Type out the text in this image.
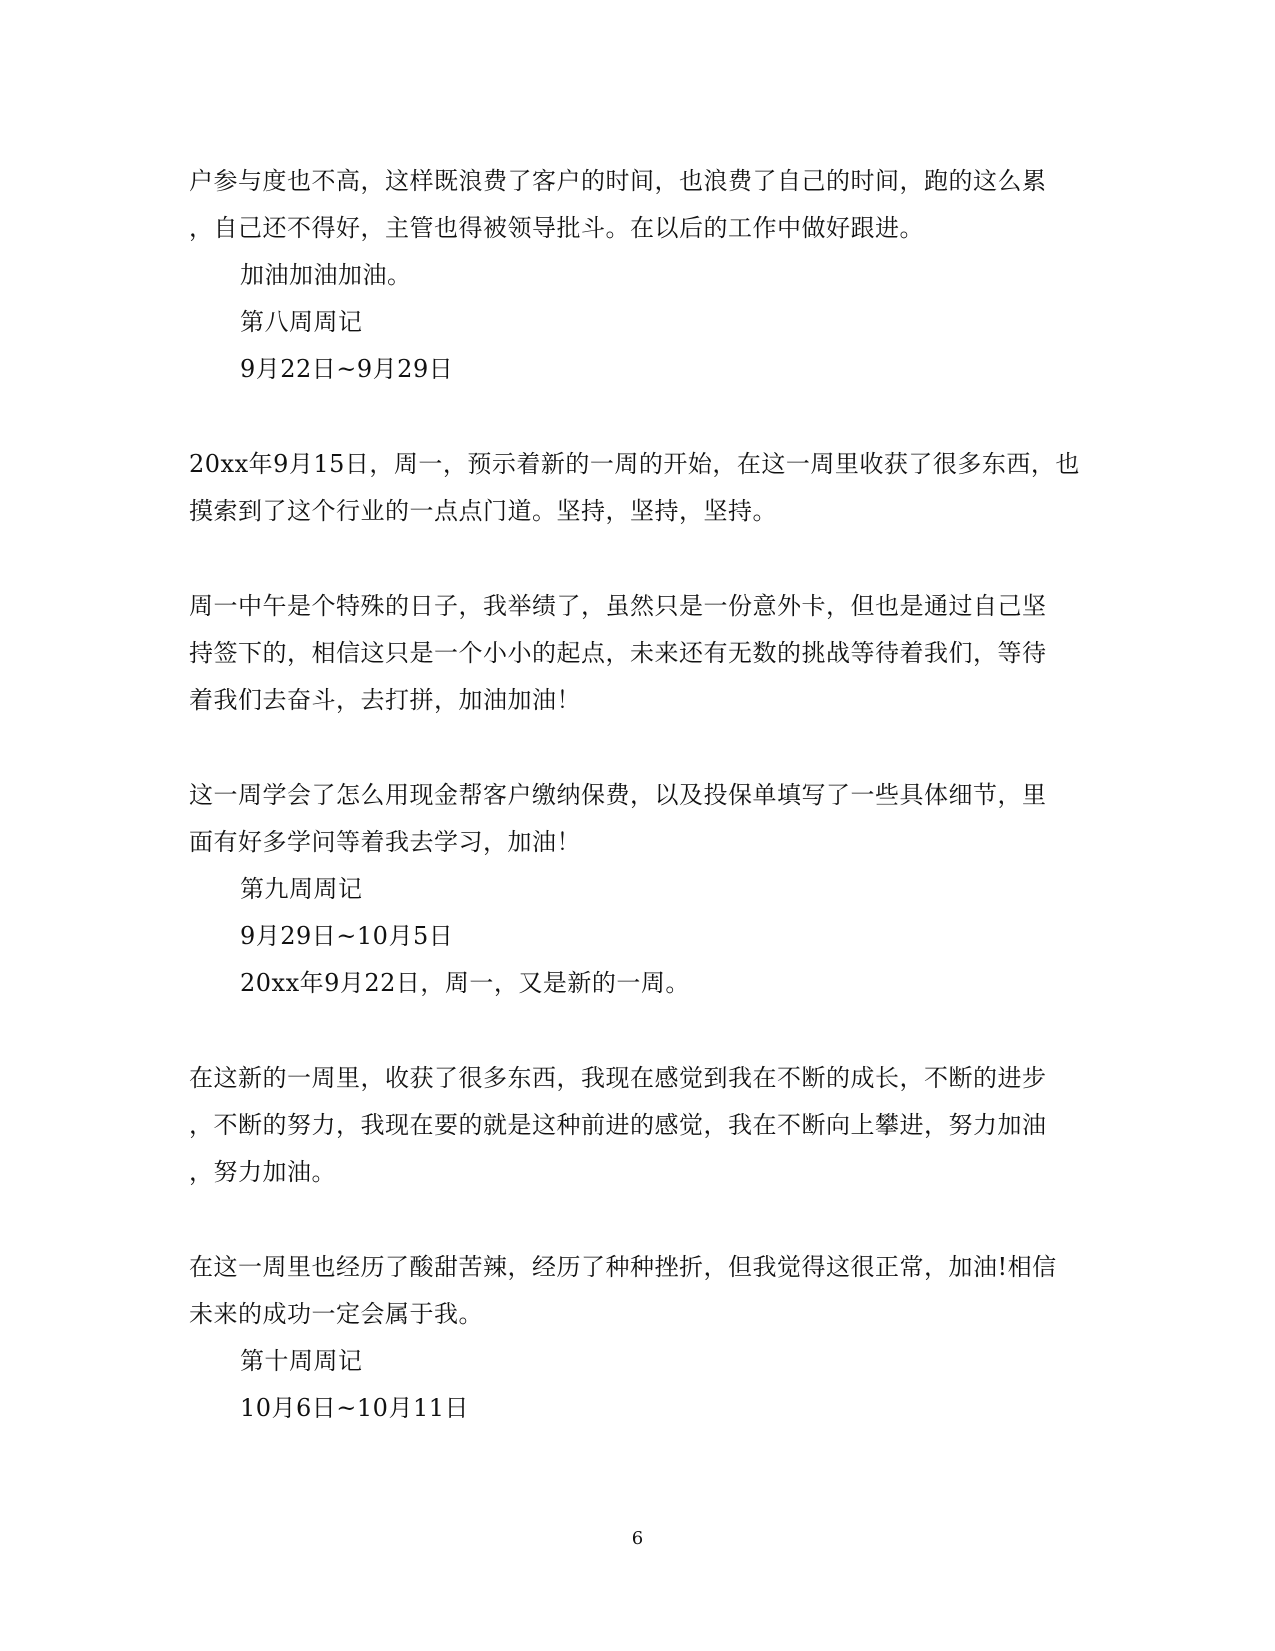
户参与度也不高，这样既浪费了客户的时间，也浪费了自己的时间，跑的这么累
，自己还不得好，主管也得被领导批斗。在以后的工作中做好跟进。
加油加油加油。
第八周周记
9月22日~9月29日
20xx年9月15日，周一，预示着新的一周的开始，在这一周里收获了很多东西，也
摸索到了这个行业的一点点门道。坚持，坚持，坚持。
周一中午是个特殊的日子，我举绩了，虽然只是一份意外卡，但也是通过自己坚
持签下的，相信这只是一个小小的起点，未来还有无数的挑战等待着我们，等待
着我们去奋斗，去打拼，加油加油！
这一周学会了怎么用现金帮客户缴纳保费，以及投保单填写了一些具体细节，里
面有好多学问等着我去学习，加油！
第九周周记
9月29日~10月5日
20xx年9月22日，周一，又是新的一周。
在这新的一周里，收获了很多东西，我现在感觉到我在不断的成长，不断的进步
，不断的努力，我现在要的就是这种前进的感觉，我在不断向上攀进，努力加油
，努力加油。
在这一周里也经历了酸甜苦辣，经历了种种挫折，但我觉得这很正常，加油!相信
未来的成功一定会属于我。
第十周周记
10月6日~10月11日
6
